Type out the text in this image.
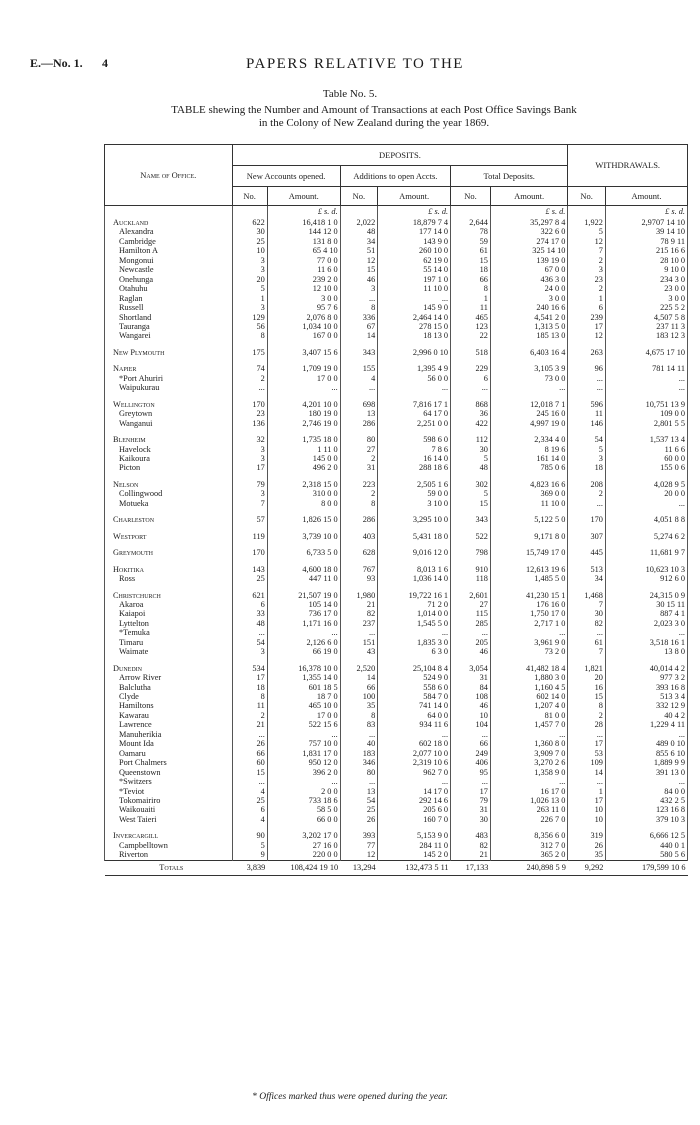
E.—No. 1. 4	PAPERS RELATIVE TO THE
Table No. 5.
TABLE shewing the Number and Amount of Transactions at each Post Office Savings Bank
in the Colony of New Zealand during the year 1869.
Name of Office.	DEPOSITS.						WITHDRAWALS.	
	New Accounts opened.		Additions to open Accts.		Total Deposits.			
	No.	Amount.	No.	Amount.	No.	Amount.	No.	Amount.
		£ s. d.		£ s. d.		£ s. d.		£ s. d.
Auckland	622	16,418 1 0	2,022	18,879 7 4	2,644	35,297 8 4	1,922	2,9707 14 10
Alexandra	30	144 12 0	48	177 14 0	78	322 6 0	5	39 14 10
Cambridge	25	131 8 0	34	143 9 0	59	274 17 0	12	78 9 11
Hamilton A	10	65 4 10	51	260 10 0	61	325 14 10	7	215 16 6
Mongonui	3	77 0 0	12	62 19 0	15	139 19 0	2	28 10 0
Newcastle	3	11 6 0	15	55 14 0	18	67 0 0	3	9 10 0
Onehunga	20	239 2 0	46	197 1 0	66	436 3 0	23	234 3 0
Otahuhu	5	12 10 0	3	11 10 0	8	24 0 0	2	23 0 0
Raglan	1	3 0 0	...	...	1	3 0 0	1	3 0 0
Russell	3	95 7 6	8	145 9 0	11	240 16 6	6	225 5 2
Shortland	129	2,076 8 0	336	2,464 14 0	465	4,541 2 0	239	4,507 5 8
Tauranga	56	1,034 10 0	67	278 15 0	123	1,313 5 0	17	237 11 3
Wangarei	8	167 0 0	14	18 13 0	22	185 13 0	12	183 12 3

New Plymouth	175	3,407 15 6	343	2,996 0 10	518	6,403 16 4	263	4,675 17 10

Napier	74	1,709 19 0	155	1,395 4 9	229	3,105 3 9	96	781 14 11
*Port Ahuriri	2	17 0 0	4	56 0 0	6	73 0 0	...	...
Waipukurau	...	...	...	...	...	...	...	...

Wellington	170	4,201 10 0	698	7,816 17 1	868	12,018 7 1	596	10,751 13 9
Greytown	23	180 19 0	13	64 17 0	36	245 16 0	11	109 0 0
Wanganui	136	2,746 19 0	286	2,251 0 0	422	4,997 19 0	146	2,801 5 5

Blenheim	32	1,735 18 0	80	598 6 0	112	2,334 4 0	54	1,537 13 4
Havelock	3	1 11 0	27	7 8 6	30	8 19 6	5	11 6 6
Kaikoura	3	145 0 0	2	16 14 0	5	161 14 0	3	60 0 0
Picton	17	496 2 0	31	288 18 6	48	785 0 6	18	155 0 6

Nelson	79	2,318 15 0	223	2,505 1 6	302	4,823 16 6	208	4,028 9 5
Collingwood	3	310 0 0	2	59 0 0	5	369 0 0	2	20 0 0
Motueka	7	8 0 0	8	3 10 0	15	11 10 0	...	...

Charleston	57	1,826 15 0	286	3,295 10 0	343	5,122 5 0	170	4,051 8 8

Westport	119	3,739 10 0	403	5,431 18 0	522	9,171 8 0	307	5,274 6 2

Greymouth	170	6,733 5 0	628	9,016 12 0	798	15,749 17 0	445	11,681 9 7

Hokitika	143	4,600 18 0	767	8,013 1 6	910	12,613 19 6	513	10,623 10 3
Ross	25	447 11 0	93	1,036 14 0	118	1,485 5 0	34	912 6 0

Christchurch	621	21,507 19 0	1,980	19,722 16 1	2,601	41,230 15 1	1,468	24,315 0 9
Akaroa	6	105 14 0	21	71 2 0	27	176 16 0	7	30 15 11
Kaiapoi	33	736 17 0	82	1,014 0 0	115	1,750 17 0	30	887 4 1
Lyttelton	48	1,171 16 0	237	1,545 5 0	285	2,717 1 0	82	2,023 3 0
*Temuka	...	...	...	...	...	...	...	...
Timaru	54	2,126 6 0	151	1,835 3 0	205	3,961 9 0	61	3,518 16 1
Waimate	3	66 19 0	43	6 3 0	46	73 2 0	7	13 8 0

Dunedin	534	16,378 10 0	2,520	25,104 8 4	3,054	41,482 18 4	1,821	40,014 4 2
Arrow River	17	1,355 14 0	14	524 9 0	31	1,880 3 0	20	977 3 2
Balclutha	18	601 18 5	66	558 6 0	84	1,160 4 5	16	393 16 8
Clyde	8	18 7 0	100	584 7 0	108	602 14 0	15	513 3 4
Hamiltons	11	465 10 0	35	741 14 0	46	1,207 4 0	8	332 12 9
Kawarau	2	17 0 0	8	64 0 0	10	81 0 0	2	40 4 2
Lawrence	21	522 15 6	83	934 11 6	104	1,457 7 0	28	1,229 4 11
Manuherikia	...	...	...	...	...	...	...	...
Mount Ida	26	757 10 0	40	602 18 0	66	1,360 8 0	17	489 0 10
Oamaru	66	1,831 17 0	183	2,077 10 0	249	3,909 7 0	53	855 6 10
Port Chalmers	60	950 12 0	346	2,319 10 6	406	3,270 2 6	109	1,889 9 9
Queenstown	15	396 2 0	80	962 7 0	95	1,358 9 0	14	391 13 0
*Switzers	...	...	...	...	...	...	...	...
*Teviot	4	2 0 0	13	14 17 0	17	16 17 0	1	84 0 0
Tokomairiro	25	733 18 6	54	292 14 6	79	1,026 13 0	17	432 2 5
Waikouaiti	6	58 5 0	25	205 6 0	31	263 11 0	10	123 16 8
West Taieri	4	66 0 0	26	160 7 0	30	226 7 0	10	379 10 3

Invercargill	90	3,202 17 0	393	5,153 9 0	483	8,356 6 0	319	6,666 12 5
Campbelltown	5	27 16 0	77	284 11 0	82	312 7 0	26	440 0 1
Riverton	9	220 0 0	12	145 2 0	21	365 2 0	35	580 5 6
Totals	3,839	108,424 19 10	13,294	132,473 5 11	17,133	240,898 5 9	9,292	179,599 10 6
* Offices marked thus were opened during the year.
